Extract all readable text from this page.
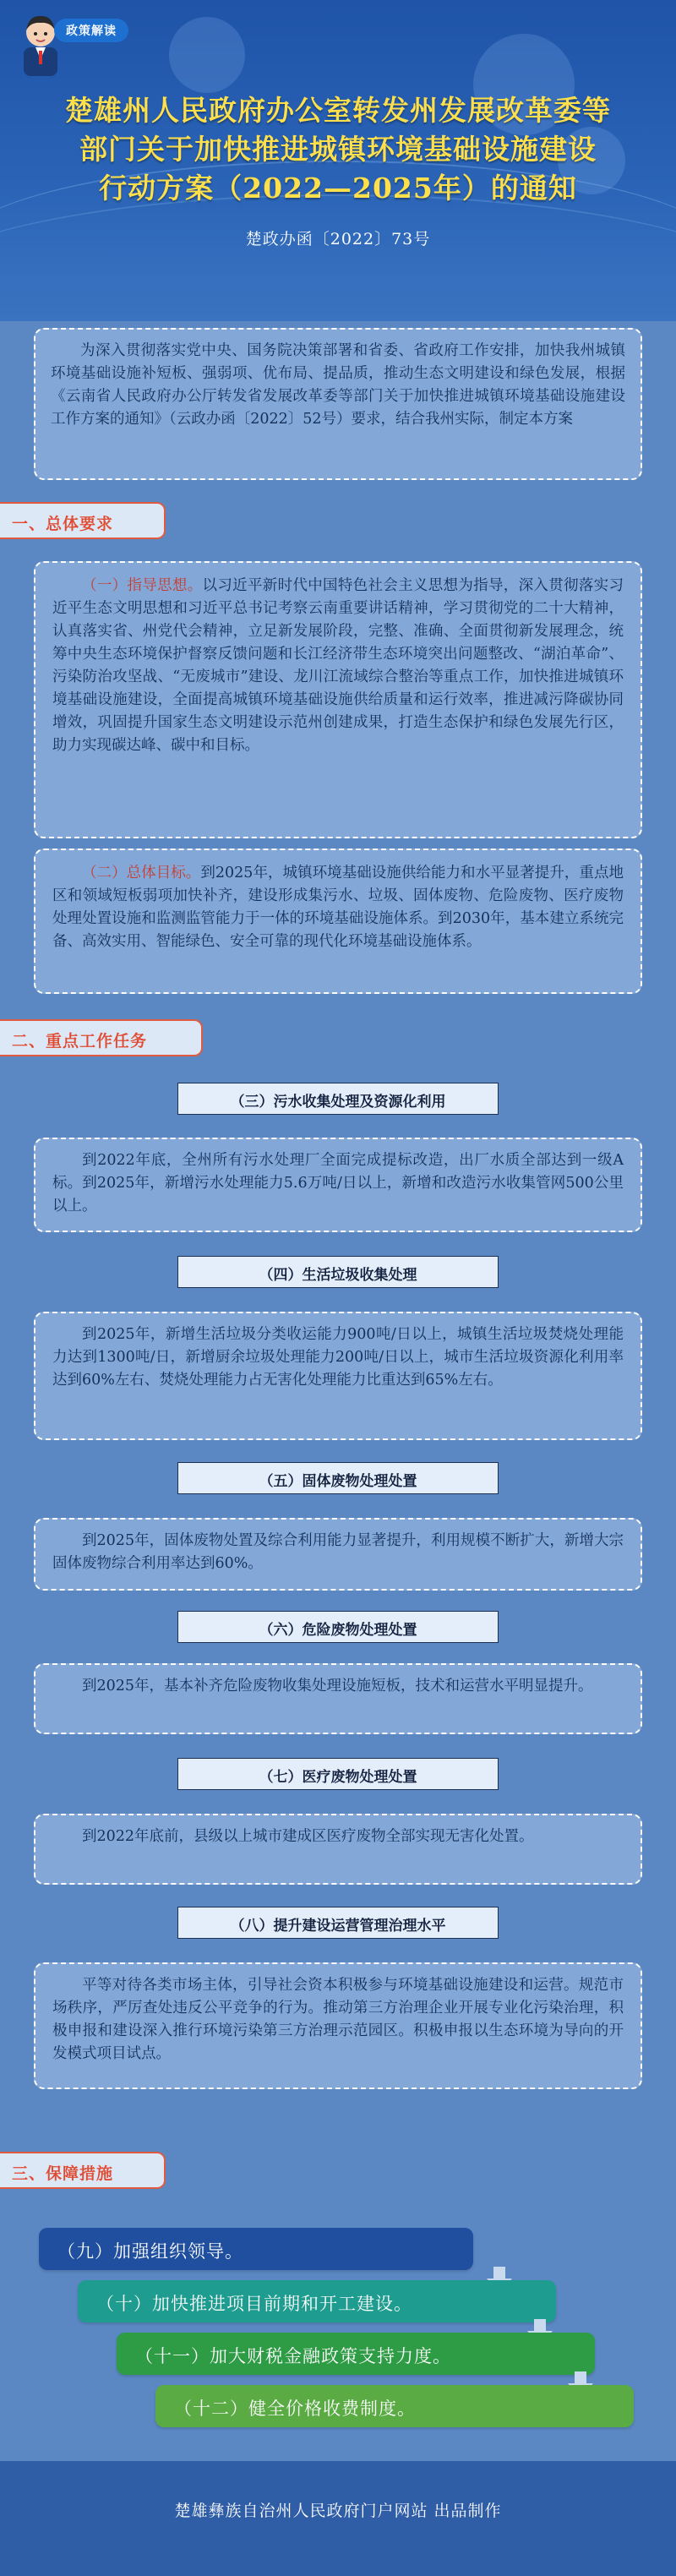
政策解读
楚雄州人民政府办公室转发州发展改革委等
部门关于加快推进城镇环境基础设施建设
行动方案（2022—2025年）的通知
楚政办函〔2022〕73号

为深入贯彻落实党中央、国务院决策部署和省委、省政府工作安排，加快我州城镇环境基础设施补短板、强弱项、优布局、提品质，推动生态文明建设和绿色发展，根据《云南省人民政府办公厅转发省发展改革委等部门关于加快推进城镇环境基础设施建设工作方案的通知》（云政办函〔2022〕52号）要求，结合我州实际，制定本方案

一、总体要求

（一）指导思想。以习近平新时代中国特色社会主义思想为指导，深入贯彻落实习近平生态文明思想和习近平总书记考察云南重要讲话精神，学习贯彻党的二十大精神，认真落实省、州党代会精神，立足新发展阶段，完整、准确、全面贯彻新发展理念，统筹中央生态环境保护督察反馈问题和长江经济带生态环境突出问题整改、“湖泊革命”、污染防治攻坚战、“无废城市”建设、龙川江流域综合整治等重点工作，加快推进城镇环境基础设施建设，全面提高城镇环境基础设施供给质量和运行效率，推进减污降碳协同增效，巩固提升国家生态文明建设示范州创建成果，打造生态保护和绿色发展先行区，助力实现碳达峰、碳中和目标。

（二）总体目标。到2025年，城镇环境基础设施供给能力和水平显著提升，重点地区和领域短板弱项加快补齐，建设形成集污水、垃圾、固体废物、危险废物、医疗废物处理处置设施和监测监管能力于一体的环境基础设施体系。到2030年，基本建立系统完备、高效实用、智能绿色、安全可靠的现代化环境基础设施体系。

二、重点工作任务
（三）污水收集处理及资源化利用

到2022年底，全州所有污水处理厂全面完成提标改造，出厂水质全部达到一级A标。到2025年，新增污水处理能力5.6万吨/日以上，新增和改造污水收集管网500公里以上。

（四）生活垃圾收集处理

到2025年，新增生活垃圾分类收运能力900吨/日以上，城镇生活垃圾焚烧处理能力达到1300吨/日，新增厨余垃圾处理能力200吨/日以上，城市生活垃圾资源化利用率达到60%左右、焚烧处理能力占无害化处理能力比重达到65%左右。

（五）固体废物处理处置

到2025年，固体废物处置及综合利用能力显著提升，利用规模不断扩大，新增大宗固体废物综合利用率达到60%。

（六）危险废物处理处置

到2025年，基本补齐危险废物收集处理设施短板，技术和运营水平明显提升。

（七）医疗废物处理处置

到2022年底前，县级以上城市建成区医疗废物全部实现无害化处置。

（八）提升建设运营管理治理水平

平等对待各类市场主体，引导社会资本积极参与环境基础设施建设和运营。规范市场秩序，严厉查处违反公平竞争的行为。推动第三方治理企业开展专业化污染治理，积极申报和建设深入推行环境污染第三方治理示范园区。积极申报以生态环境为导向的开发模式项目试点。

三、保障措施
（九）加强组织领导。
（十）加快推进项目前期和开工建设。
（十一）加大财税金融政策支持力度。
（十二）健全价格收费制度。
楚雄彝族自治州人民政府门户网站 出品制作
